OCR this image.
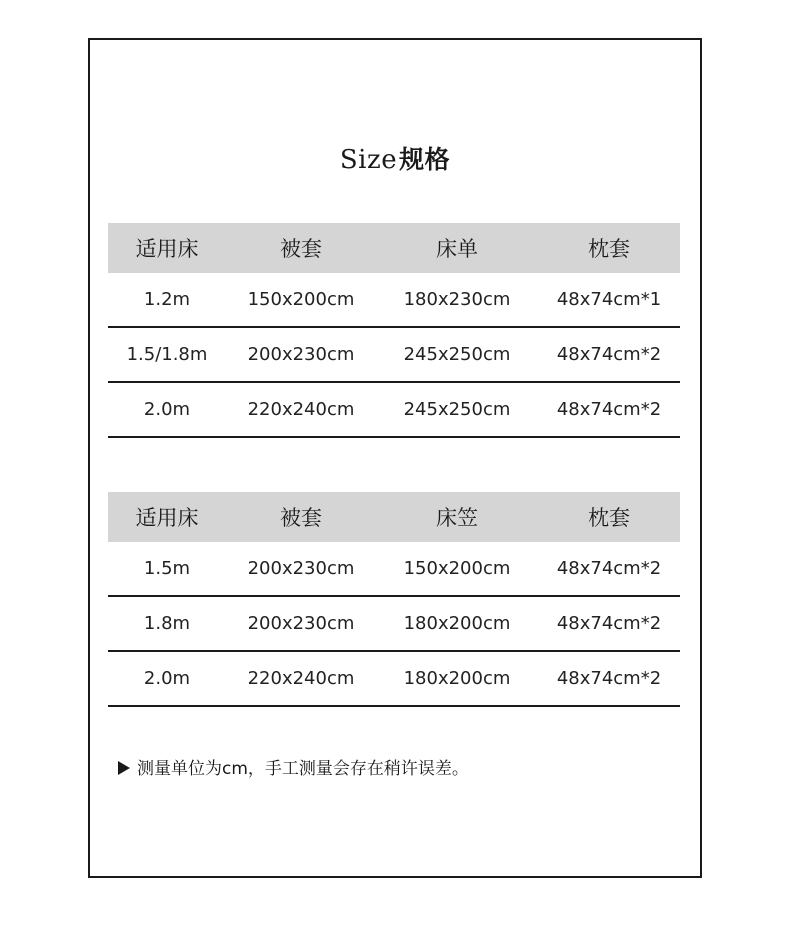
Size规格
适用床	被套	床单	枕套
1.2m	150x200cm	180x230cm	48x74cm*1
1.5/1.8m	200x230cm	245x250cm	48x74cm*2
2.0m	220x240cm	245x250cm	48x74cm*2
适用床	被套	床笠	枕套
1.5m	200x230cm	150x200cm	48x74cm*2
1.8m	200x230cm	180x200cm	48x74cm*2
2.0m	220x240cm	180x200cm	48x74cm*2
测量单位为cm，手工测量会存在稍许误差。
